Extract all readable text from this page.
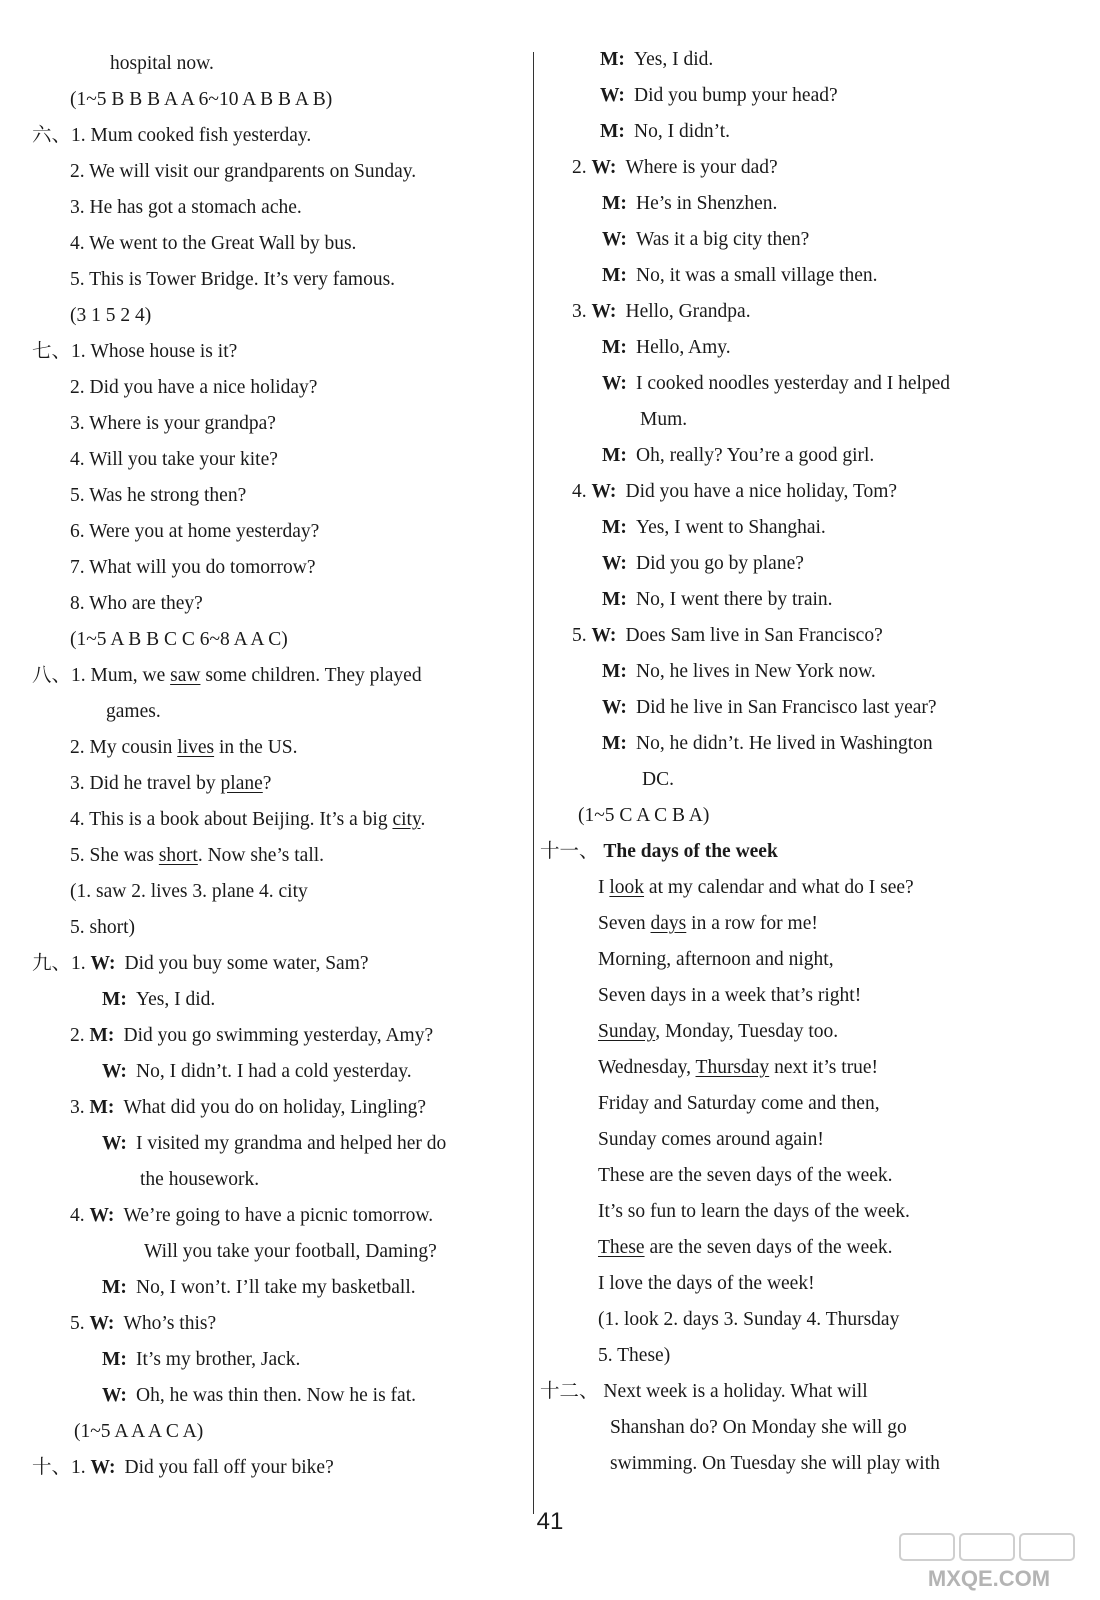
hospital now.
(1~5 B B B A A 6~10 A B B A B)
六、1. Mum cooked fish yesterday.
2. We will visit our grandparents on Sunday.
3. He has got a stomach ache.
4. We went to the Great Wall by bus.
5. This is Tower Bridge. It’s very famous.
(3 1 5 2 4)
七、1. Whose house is it?
2. Did you have a nice holiday?
3. Where is your grandpa?
4. Will you take your kite?
5. Was he strong then?
6. Were you at home yesterday?
7. What will you do tomorrow?
8. Who are they?
(1~5 A B B C C 6~8 A A C)
八、1. Mum, we saw some children. They played
games.
2. My cousin lives in the US.
3. Did he travel by plane?
4. This is a book about Beijing. It’s a big city.
5. She was short. Now she’s tall.
(1. saw 2. lives 3. plane 4. city
5. short)
九、1. W: Did you buy some water, Sam?
M: Yes, I did.
2. M: Did you go swimming yesterday, Amy?
W: No, I didn’t. I had a cold yesterday.
3. M: What did you do on holiday, Lingling?
W: I visited my grandma and helped her do
the housework.
4. W: We’re going to have a picnic tomorrow.
Will you take your football, Daming?
M: No, I won’t. I’ll take my basketball.
5. W: Who’s this?
M: It’s my brother, Jack.
W: Oh, he was thin then. Now he is fat.
(1~5 A A A C A)
十、1. W: Did you fall off your bike?
M: Yes, I did.
W: Did you bump your head?
M: No, I didn’t.
2. W: Where is your dad?
M: He’s in Shenzhen.
W: Was it a big city then?
M: No, it was a small village then.
3. W: Hello, Grandpa.
M: Hello, Amy.
W: I cooked noodles yesterday and I helped
Mum.
M: Oh, really? You’re a good girl.
4. W: Did you have a nice holiday, Tom?
M: Yes, I went to Shanghai.
W: Did you go by plane?
M: No, I went there by train.
5. W: Does Sam live in San Francisco?
M: No, he lives in New York now.
W: Did he live in San Francisco last year?
M: No, he didn’t. He lived in Washington
DC.
(1~5 C A C B A)
十一、 The days of the week
I look at my calendar and what do I see?
Seven days in a row for me!
Morning, afternoon and night,
Seven days in a week that’s right!
Sunday, Monday, Tuesday too.
Wednesday, Thursday next it’s true!
Friday and Saturday come and then,
Sunday comes around again!
These are the seven days of the week.
It’s so fun to learn the days of the week.
These are the seven days of the week.
I love the days of the week!
(1. look 2. days 3. Sunday 4. Thursday
5. These)
十二、 Next week is a holiday. What will
Shanshan do? On Monday she will go
swimming. On Tuesday she will play with
41
MXQE.COM
